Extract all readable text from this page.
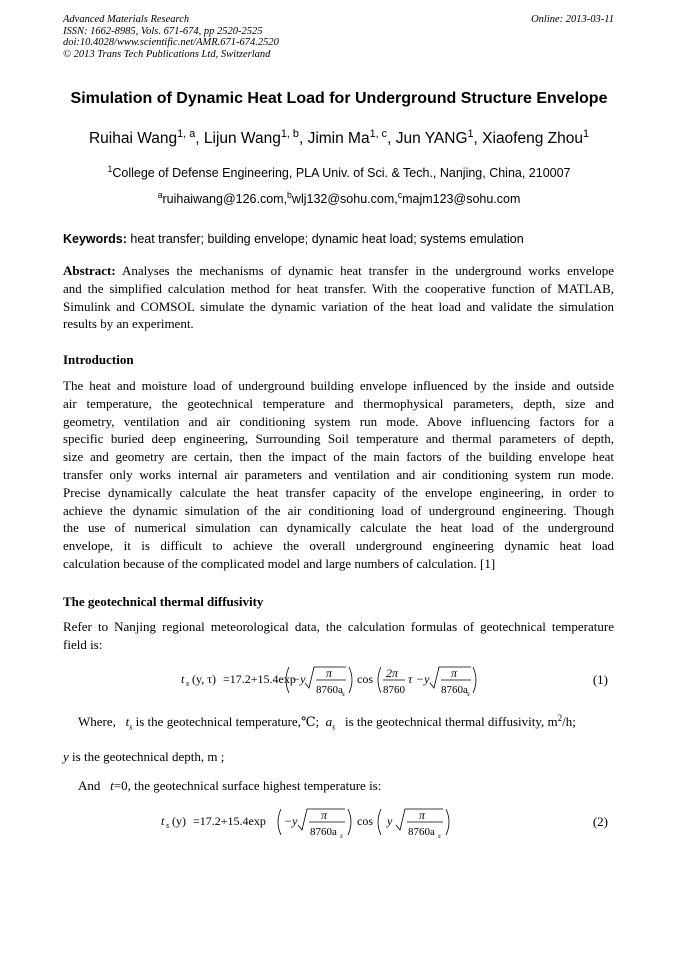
Advanced Materials Research
ISSN: 1662-8985, Vols. 671-674, pp 2520-2525
doi:10.4028/www.scientific.net/AMR.671-674.2520
© 2013 Trans Tech Publications Ltd, Switzerland
Online: 2013-03-11
Simulation of Dynamic Heat Load for Underground Structure Envelope
Ruihai Wang$^{1, a}$, Lijun Wang$^{1, b}$, Jimin Ma$^{1, c}$, Jun YANG$^1$, Xiaofeng Zhou$^1$
$^1$College of Defense Engineering, PLA Univ. of Sci. & Tech., Nanjing, China, 210007
$^a$ruihaiwang@126.com,$^b$wlj132@sohu.com,$^c$majm123@sohu.com
Keywords: heat transfer; building envelope; dynamic heat load; systems emulation
Abstract: Analyses the mechanisms of dynamic heat transfer in the underground works envelope
and the simplified calculation method for heat transfer. With the cooperative function of MATLAB,
Simulink and COMSOL simulate the dynamic variation of the heat load and validate the simulation
results by an experiment.
Introduction
The heat and moisture load of underground building envelope influenced by the inside and outside
air temperature, the geotechnical temperature and thermophysical parameters, depth, size and
geometry, ventilation and air conditioning system run mode. Above influencing factors for a
specific buried deep engineering, Surrounding Soil temperature and thermal parameters of depth,
size and geometry are certain, then the impact of the main factors of the building envelope heat
transfer only works internal air parameters and ventilation and air conditioning system run mode.
Precise dynamically calculate the heat transfer capacity of the envelope engineering, in order to
achieve the dynamic simulation of the air conditioning load of underground engineering. Though
the use of numerical simulation can dynamically calculate the heat load of the underground
envelope, it is difficult to achieve the overall underground engineering dynamic heat load
calculation because of the complicated model and large numbers of calculation. [1]
The geotechnical thermal diffusivity
Refer to Nanjing regional meteorological data, the calculation formulas of geotechnical temperature
field is:
t s (y, τ) =17.2+15.4exp
−y π
8760a s
cos 2π
8760
τ −y π
8760a s
(1)
Where, $t_s$ is the geotechnical temperature,℃; $a_s$   is the geotechnical thermal diffusivity, $m^2/h$;
y is the geotechnical depth, m ;
And   t=0, the geotechnical surface highest temperature is:
t s (y) =17.2+15.4exp −y π
8760a s
cos y π
8760a s
(2)
